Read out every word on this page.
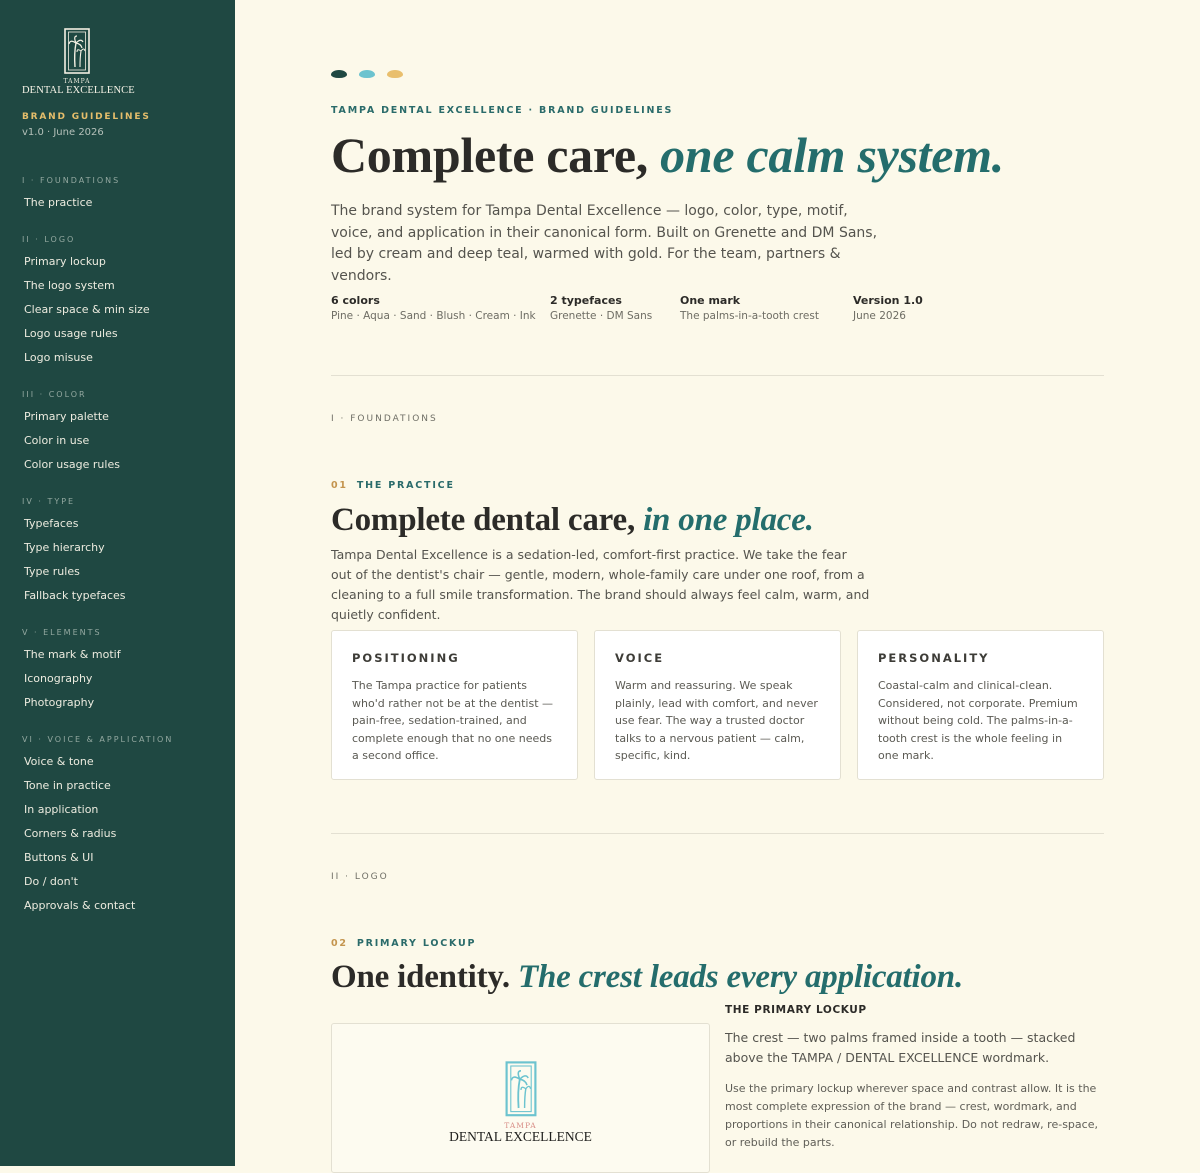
TAMPA
DENTAL EXCELLENCE
BRAND GUIDELINES
v1.0 · June 2026
I · FOUNDATIONS
The practice
II · LOGO
Primary lockup
The logo system
Clear space & min size
Logo usage rules
Logo misuse
III · COLOR
Primary palette
Color in use
Color usage rules
IV · TYPE
Typefaces
Type hierarchy
Type rules
Fallback typefaces
V · ELEMENTS
The mark & motif
Iconography
Photography
VI · VOICE & APPLICATION
Voice & tone
Tone in practice
In application
Corners & radius
Buttons & UI
Do / don't
Approvals & contact
TAMPA DENTAL EXCELLENCE · BRAND GUIDELINES
Complete care, one calm system.

The brand system for Tampa Dental Excellence — logo, color, type, motif, voice, and application in their canonical form. Built on Grenette and DM Sans, led by cream and deep teal, warmed with gold. For the team, partners & vendors.

6 colors
Pine · Aqua · Sand · Blush · Cream · Ink
2 typefaces
Grenette · DM Sans
One mark
The palms-in-a-tooth crest
Version 1.0
June 2026
I · FOUNDATIONS
01 THE PRACTICE
Complete dental care, in one place.

Tampa Dental Excellence is a sedation-led, comfort-first practice. We take the fear out of the dentist's chair — gentle, modern, whole-family care under one roof, from a cleaning to a full smile transformation. The brand should always feel calm, warm, and quietly confident.

POSITIONING
The Tampa practice for patients who'd rather not be at the dentist — pain-free, sedation-trained, and complete enough that no one needs a second office.
VOICE
Warm and reassuring. We speak plainly, lead with comfort, and never use fear. The way a trusted doctor talks to a nervous patient — calm, specific, kind.
PERSONALITY
Coastal-calm and clinical-clean. Considered, not corporate. Premium without being cold. The palms-in-a-tooth crest is the whole feeling in one mark.
II · LOGO
02 PRIMARY LOCKUP
One identity. The crest leads every application.
TAMPA
DENTAL EXCELLENCE
THE PRIMARY LOCKUP

The crest — two palms framed inside a tooth — stacked above the TAMPA / DENTAL EXCELLENCE wordmark.

Use the primary lockup wherever space and contrast allow. It is the most complete expression of the brand — crest, wordmark, and proportions in their canonical relationship. Do not redraw, re-space, or rebuild the parts.
